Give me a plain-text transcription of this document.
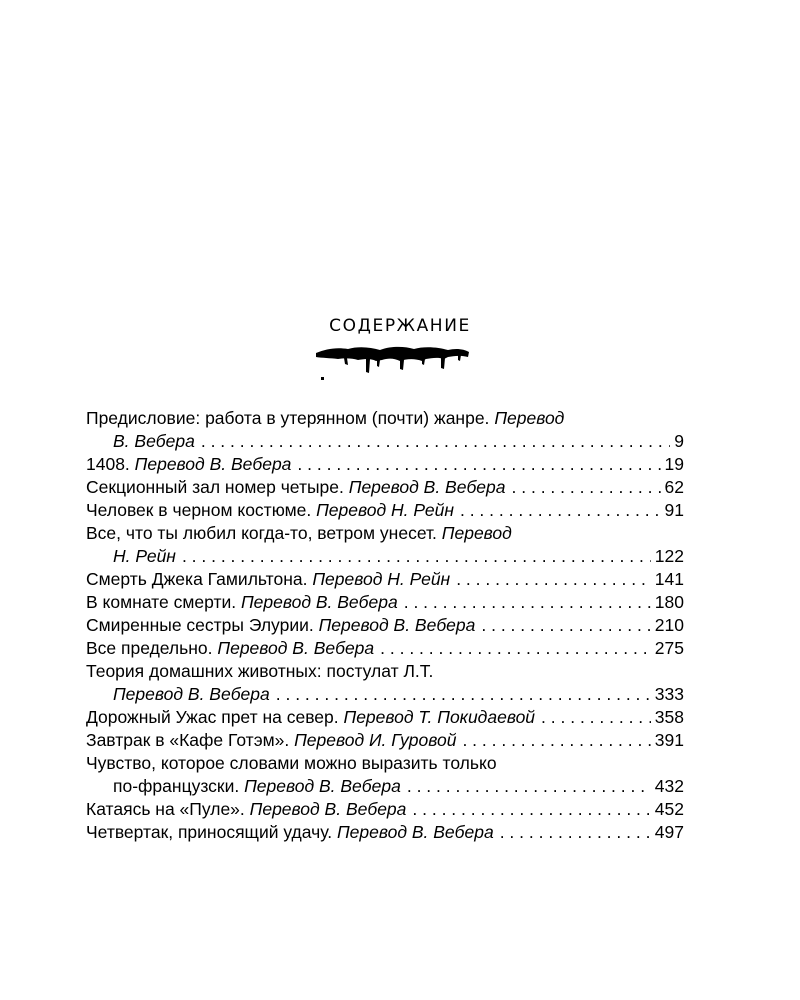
СОДЕРЖАНИЕ
Предисловие: работа в утерянном (почти) жанре.
Перевод
В. Вебера . . .	9
1408.
Перевод В. Вебера . . .	19
Секционный зал номер четыре.
Перевод В. Вебера . . .	62
Человек в черном костюме.
Перевод Н. Рейн . . .	91
Все, что ты любил когда-то, ветром унесет.
Перевод
Н. Рейн . . .	122
Смерть Джека Гамильтона.
Перевод Н. Рейн . . .	141
В комнате смерти.
Перевод В. Вебера . . .	180
Смиренные сестры Элурии.
Перевод В. Вебера . . .	210
Все предельно.
Перевод В. Вебера . . .	275
Теория домашних животных: постулат Л.Т.
Перевод В. Вебера . . .	333
Дорожный Ужас прет на север.
Перевод Т. Покидаевой . . .	358
Завтрак в «Кафе Готэм».
Перевод И. Гуровой . . .	391
Чувство, которое словами можно выразить только
по-французски.
Перевод В. Вебера . . .	432
Катаясь на «Пуле».
Перевод В. Вебера . . .	452
Четвертак, приносящий удачу.
Перевод В. Вебера . . .	497
